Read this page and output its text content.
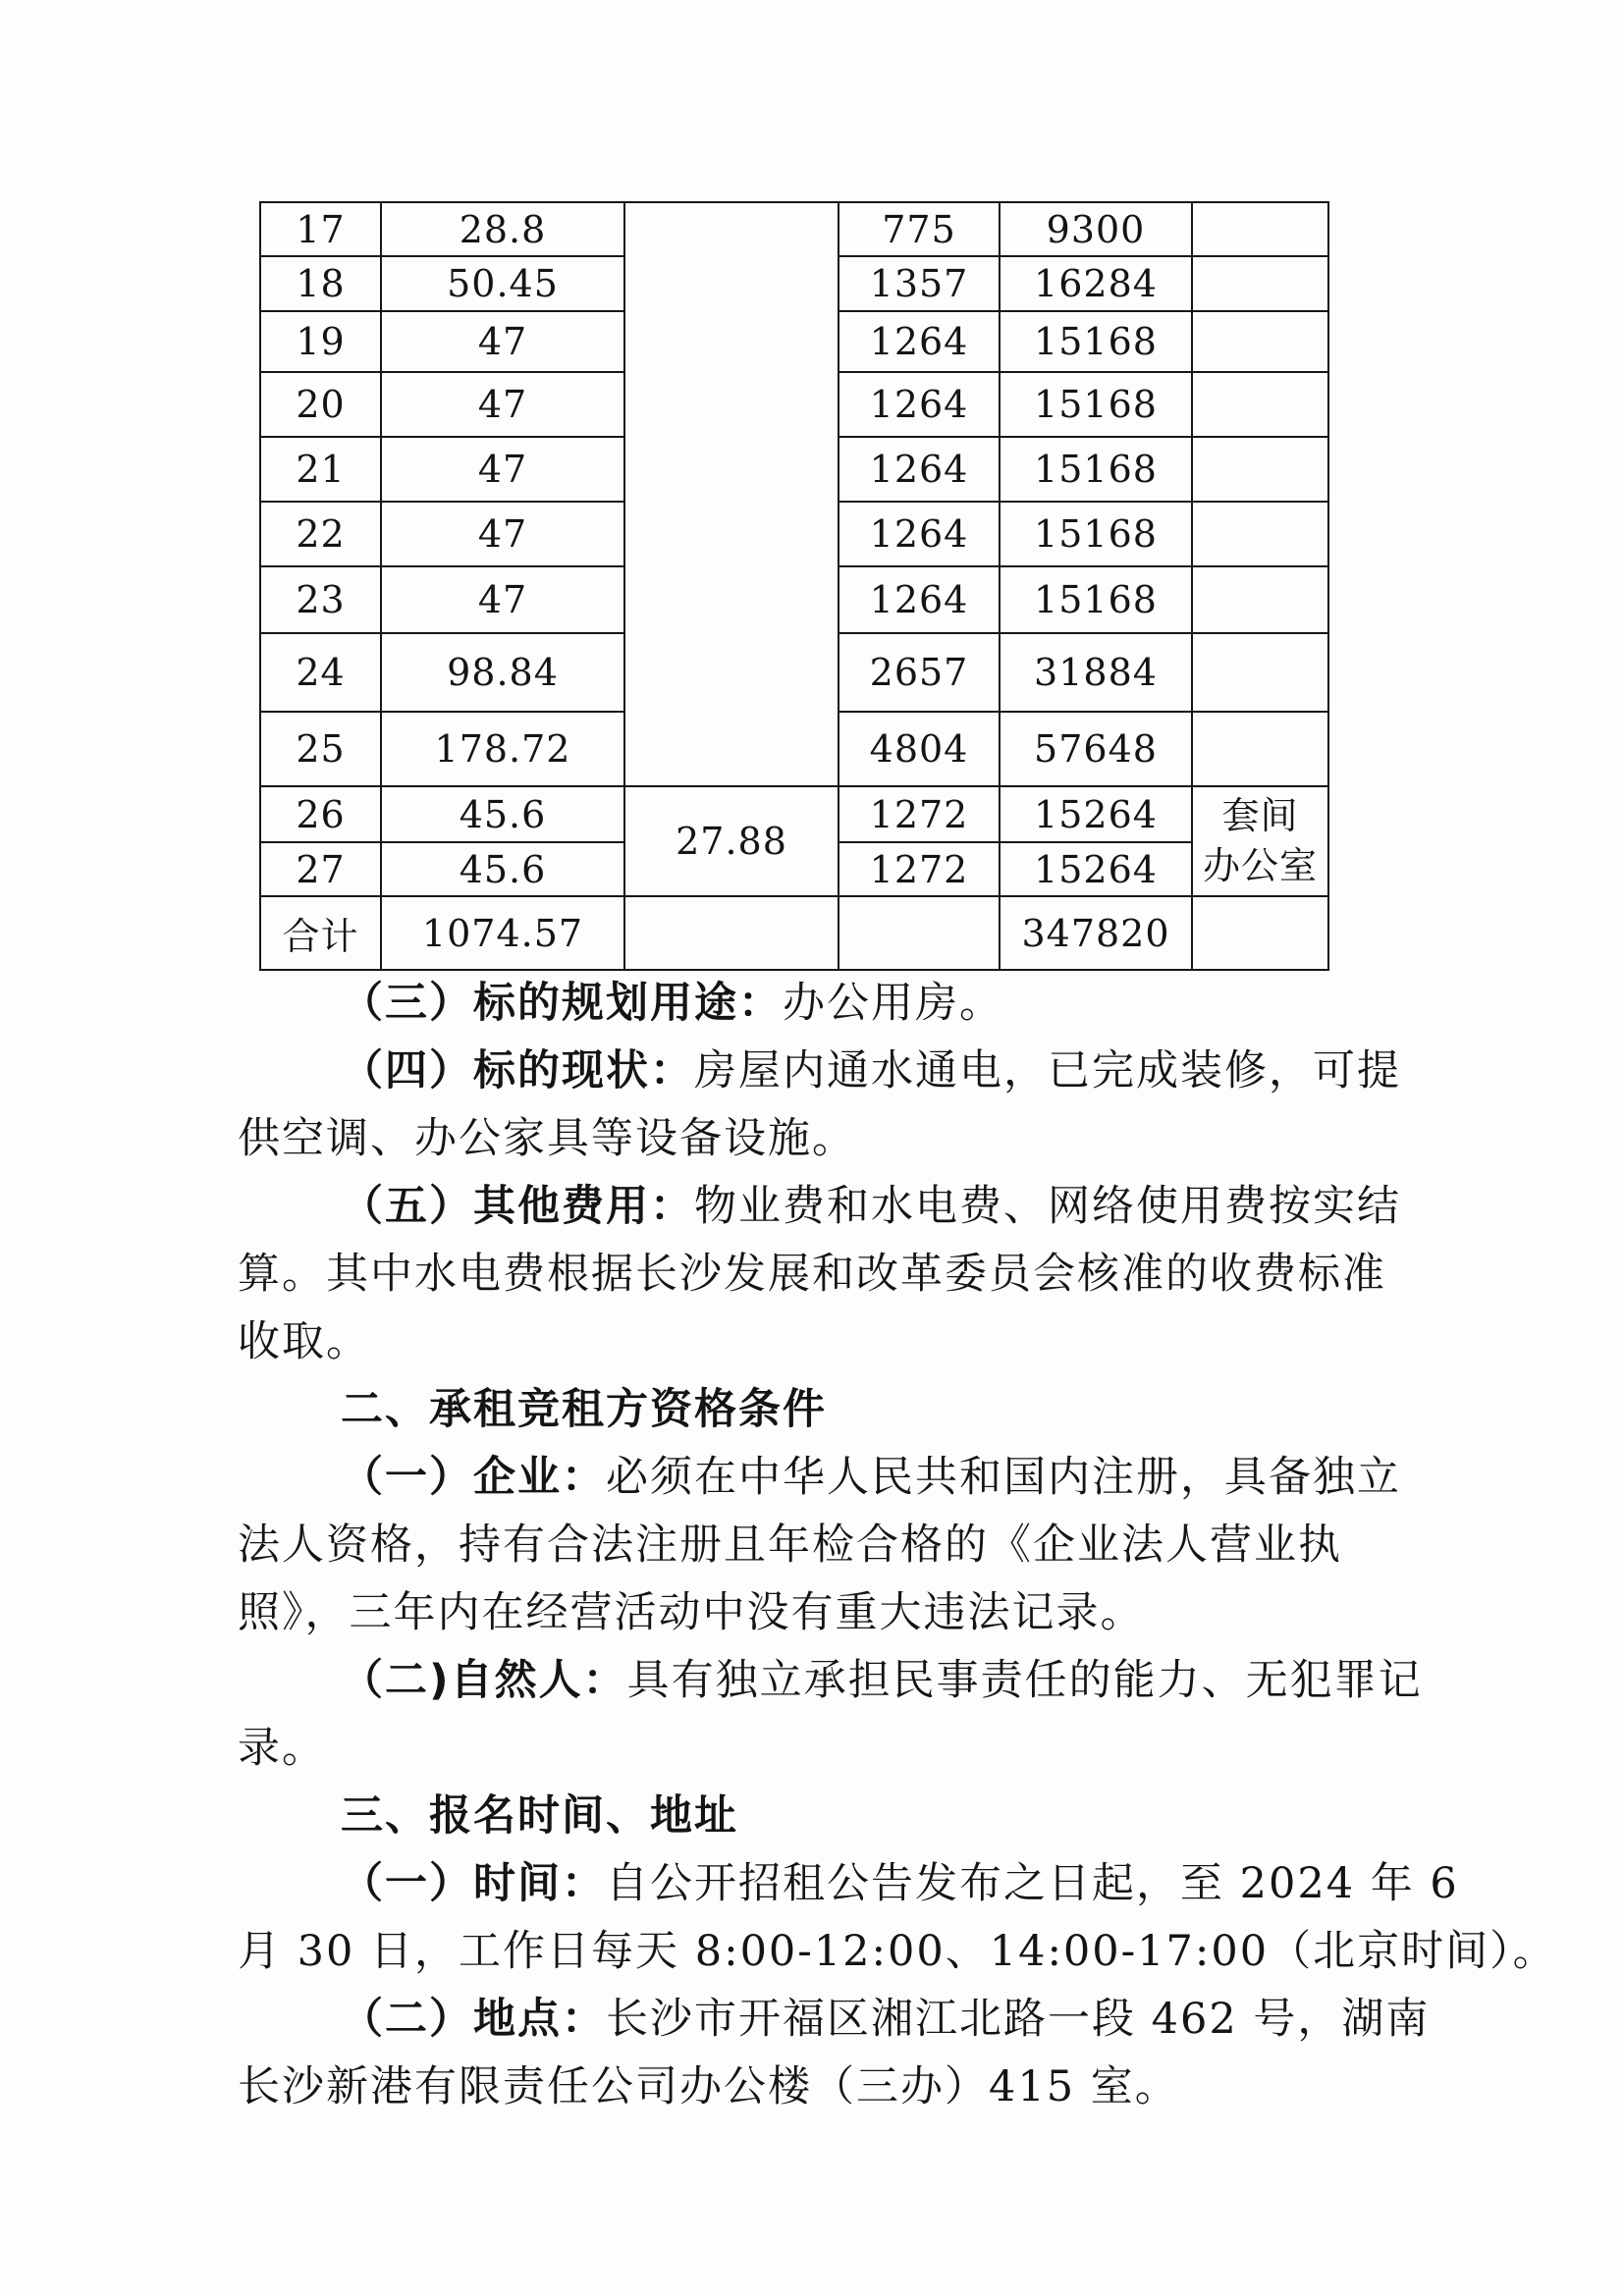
17	28.8		775	9300	
18	50.45		1357	16284	
19	47		1264	15168	
20	47		1264	15168	
21	47		1264	15168	
22	47		1264	15168	
23	47		1264	15168	
24	98.84		2657	31884	
25	178.72		4804	57648	
26	45.6	27.88	1272	15264	套间
办公室

27	45.6		1272	15264	
合计	1074.57			347820	
（三）标的规划用途：办公用房。
（四）标的现状：房屋内通水通电，已完成装修，可提
供空调、办公家具等设备设施。
（五）其他费用：物业费和水电费、网络使用费按实结
算。其中水电费根据长沙发展和改革委员会核准的收费标准
收取。
二、承租竞租方资格条件
（一）企业：必须在中华人民共和国内注册，具备独立
法人资格，持有合法注册且年检合格的《企业法人营业执
照》，三年内在经营活动中没有重大违法记录。
（二)自然人：具有独立承担民事责任的能力、无犯罪记
录。
三、报名时间、地址
（一）时间：自公开招租公告发布之日起，至 2024 年 6
月 30 日，工作日每天 8:00-12:00、14:00-17:00（北京时间）。
（二）地点：长沙市开福区湘江北路一段 462 号，湖南
长沙新港有限责任公司办公楼（三办）415 室。
